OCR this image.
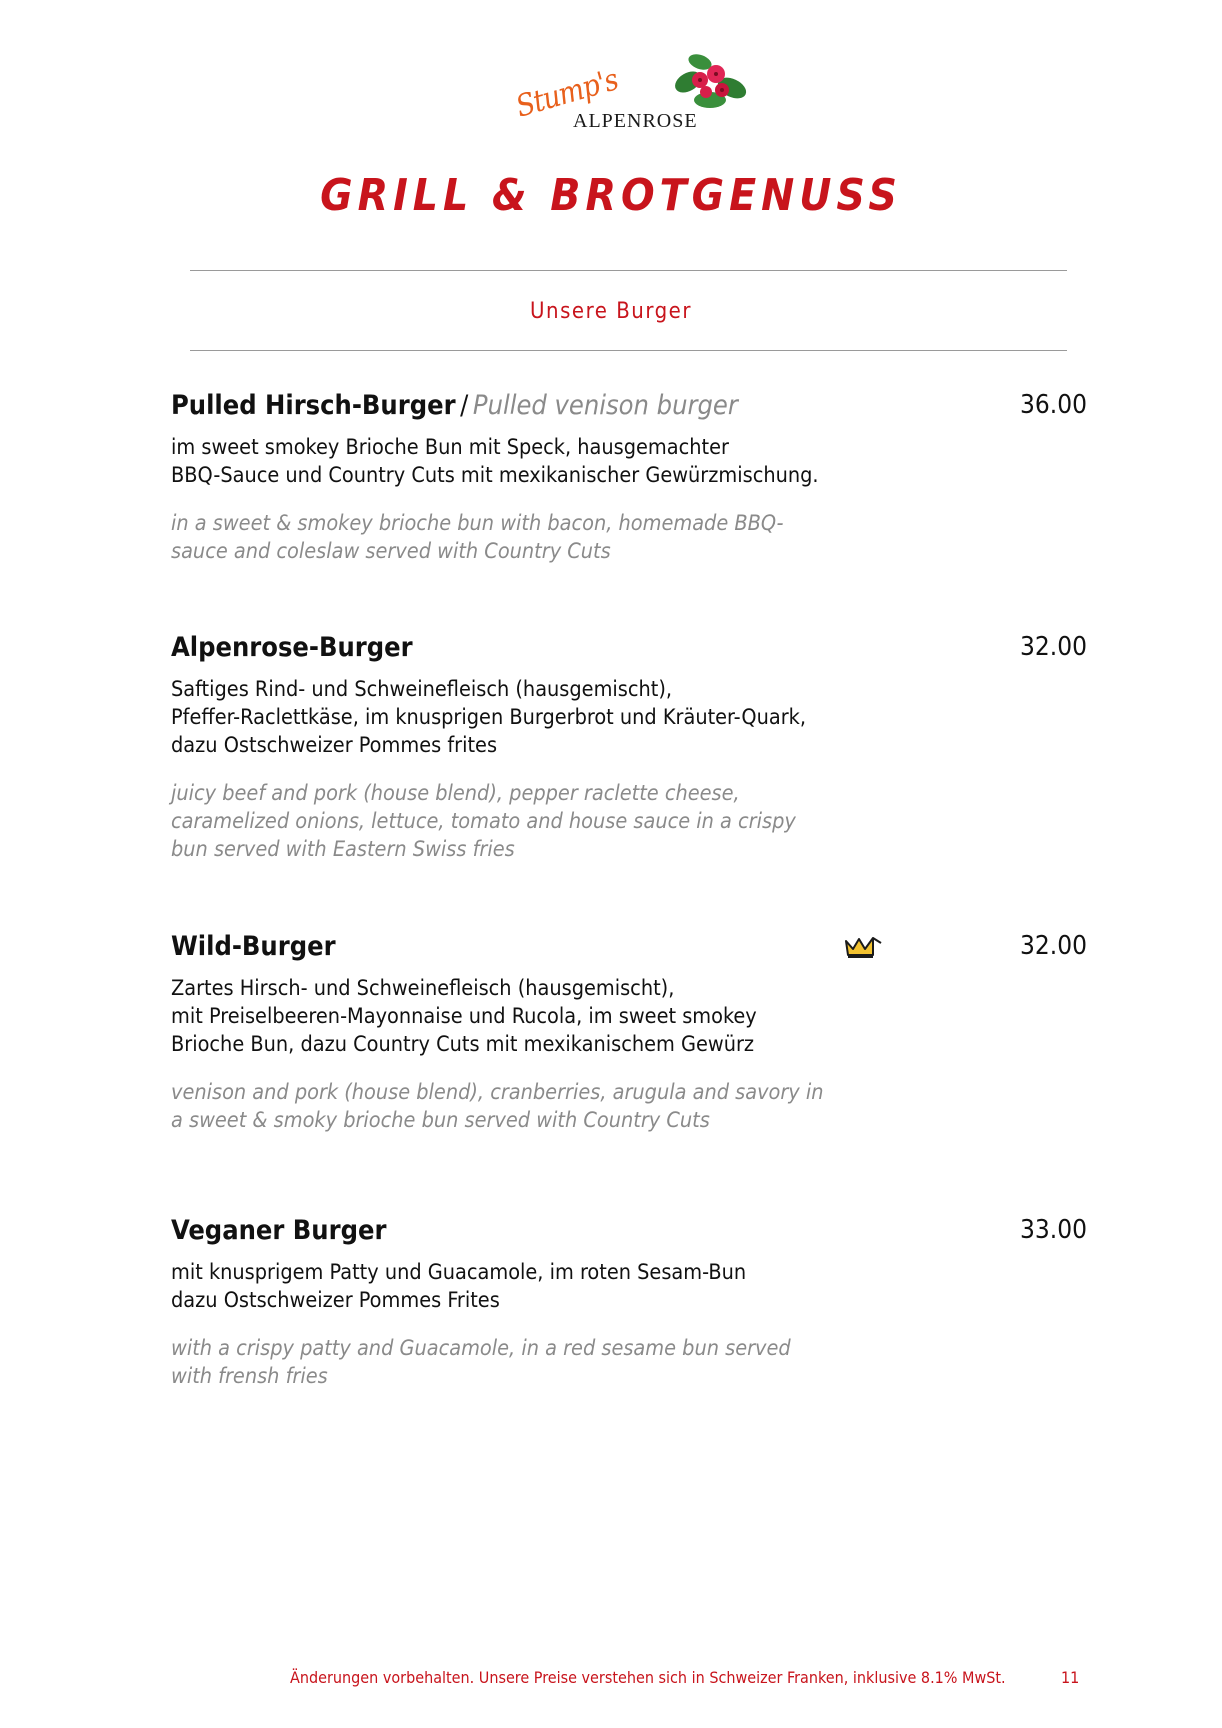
Stump's
ALPENROSE
GRILL & BROTGENUSS
Unsere Burger
Pulled Hirsch-Burger / Pulled venison burger	36.00
im sweet smokey Brioche Bun mit Speck, hausgemachter
BBQ-Sauce und Country Cuts mit mexikanischer Gewürzmischung.
in a sweet & smokey brioche bun with bacon, homemade BBQ-
sauce and coleslaw served with Country Cuts
Alpenrose-Burger	32.00
Saftiges Rind- und Schweinefleisch (hausgemischt),
Pfeffer-Raclettkäse, im knusprigen Burgerbrot und Kräuter-Quark,
dazu Ostschweizer Pommes frites
juicy beef and pork (house blend), pepper raclette cheese,
caramelized onions, lettuce, tomato and house sauce in a crispy
bun served with Eastern Swiss fries
Wild-Burger	32.00
Zartes Hirsch- und Schweinefleisch (hausgemischt),
mit Preiselbeeren-Mayonnaise und Rucola, im sweet smokey
Brioche Bun, dazu Country Cuts mit mexikanischem Gewürz
venison and pork (house blend), cranberries, arugula and savory in
a sweet & smoky brioche bun served with Country Cuts
Veganer Burger	33.00
mit knusprigem Patty und Guacamole, im roten Sesam-Bun
dazu Ostschweizer Pommes Frites
with a crispy patty and Guacamole, in a red sesame bun served
with frensh fries
Änderungen vorbehalten. Unsere Preise verstehen sich in Schweizer Franken, inklusive 8.1% MwSt.	11
